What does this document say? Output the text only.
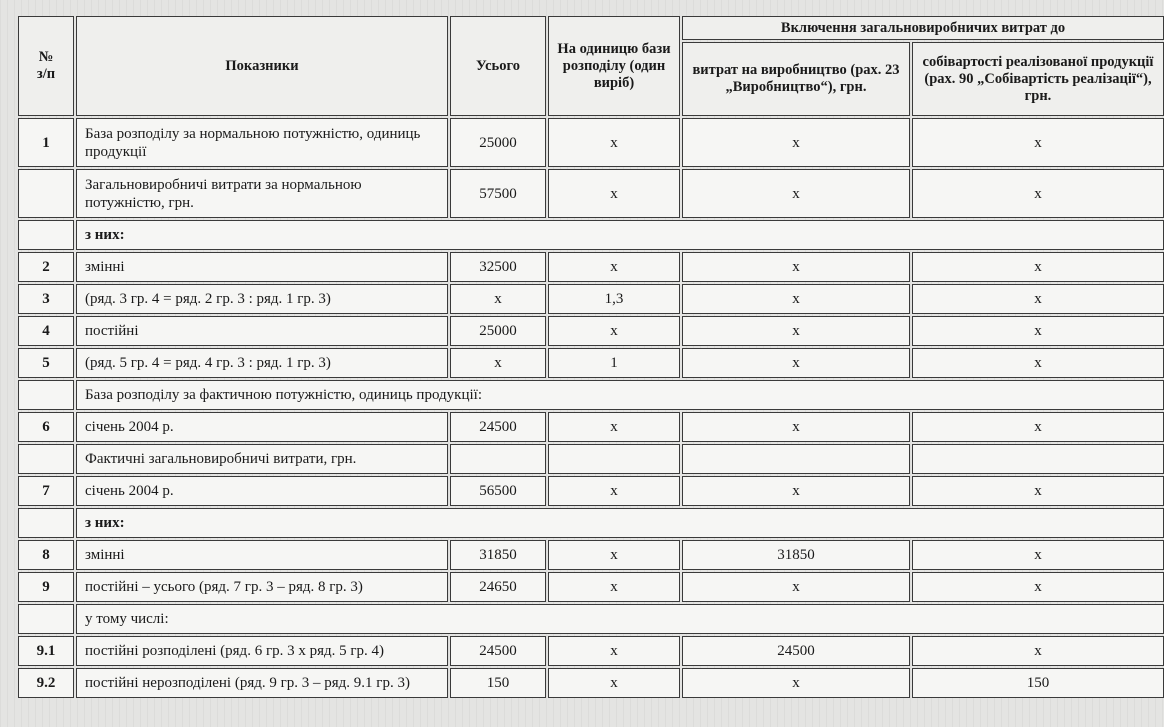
№
з/п	Показники	Усього	На одиницю бази розподілу (один виріб)	Включення загальновиробничих витрат до	
				витрат на виробництво (рах. 23 „Виробництво“), грн.	собівартості реалізованої продукції (рах. 90 „Собівартість реалізації“), грн.
1	База розподілу за нормальною потужністю, одиниць продукції	25000	x	x	x
	Загальновиробничі витрати за нормальною потужністю, грн.	57500	x	x	x
	з них:				
2	змінні	32500	x	x	x
3	(ряд. 3 гр. 4 = ряд. 2 гр. 3 : ряд. 1 гр. 3)	x	1,3	x	x
4	постійні	25000	x	x	x
5	(ряд. 5 гр. 4 = ряд. 4 гр. 3 : ряд. 1 гр. 3)	x	1	x	x
	База розподілу за фактичною потужністю, одиниць продукції:				
6	січень 2004 р.	24500	x	x	x
	Фактичні загальновиробничі витрати, грн.				
7	січень 2004 р.	56500	x	x	x
	з них:				
8	змінні	31850	x	31850	x
9	постійні – усього (ряд. 7 гр. 3 – ряд. 8 гр. 3)	24650	x	x	x
	у тому числі:				
9.1	постійні розподілені (ряд. 6 гр. 3 х ряд. 5 гр. 4)	24500	x	24500	x
9.2	постійні нерозподілені (ряд. 9 гр. 3 – ряд. 9.1 гр. 3)	150	x	x	150
